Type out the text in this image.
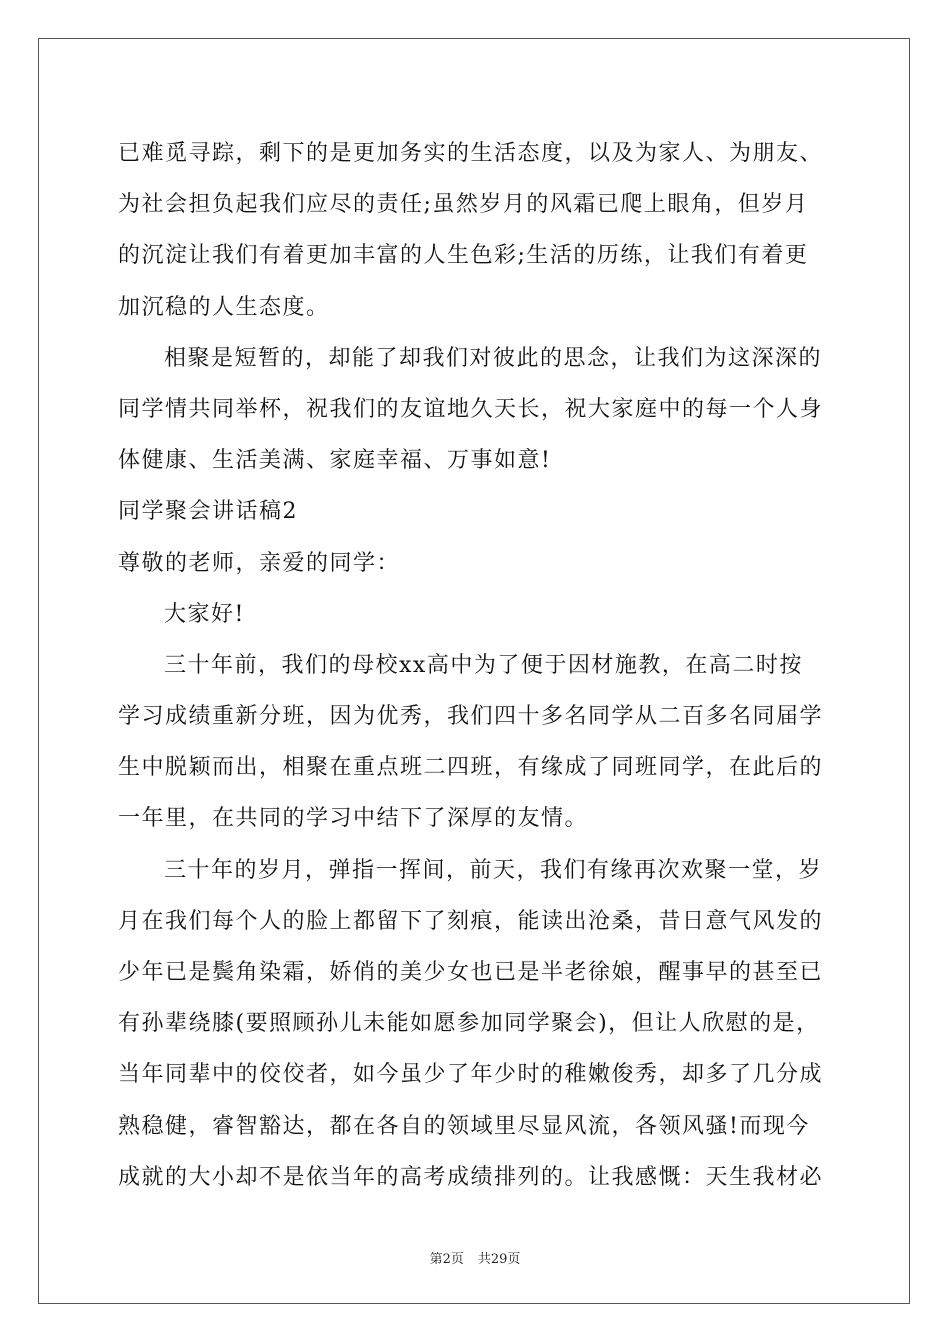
已难觅寻踪，剩下的是更加务实的生活态度，以及为家人、为朋友、
为社会担负起我们应尽的责任;虽然岁月的风霜已爬上眼角，但岁月
的沉淀让我们有着更加丰富的人生色彩;生活的历练，让我们有着更
加沉稳的人生态度。
相聚是短暂的，却能了却我们对彼此的思念，让我们为这深深的
同学情共同举杯，祝我们的友谊地久天长，祝大家庭中的每一个人身
体健康、生活美满、家庭幸福、万事如意!
同学聚会讲话稿2
尊敬的老师，亲爱的同学：
大家好!
三十年前，我们的母校xx高中为了便于因材施教，在高二时按
学习成绩重新分班，因为优秀，我们四十多名同学从二百多名同届学
生中脱颖而出，相聚在重点班二四班，有缘成了同班同学，在此后的
一年里，在共同的学习中结下了深厚的友情。
三十年的岁月，弹指一挥间，前天，我们有缘再次欢聚一堂，岁
月在我们每个人的脸上都留下了刻痕，能读出沧桑，昔日意气风发的
少年已是鬓角染霜，娇俏的美少女也已是半老徐娘，醒事早的甚至已
有孙辈绕膝(要照顾孙儿未能如愿参加同学聚会)，但让人欣慰的是，
当年同辈中的佼佼者，如今虽少了年少时的稚嫩俊秀，却多了几分成
熟稳健，睿智豁达，都在各自的领域里尽显风流，各领风骚!而现今
成就的大小却不是依当年的高考成绩排列的。让我感慨：天生我材必
第2页 共29页
